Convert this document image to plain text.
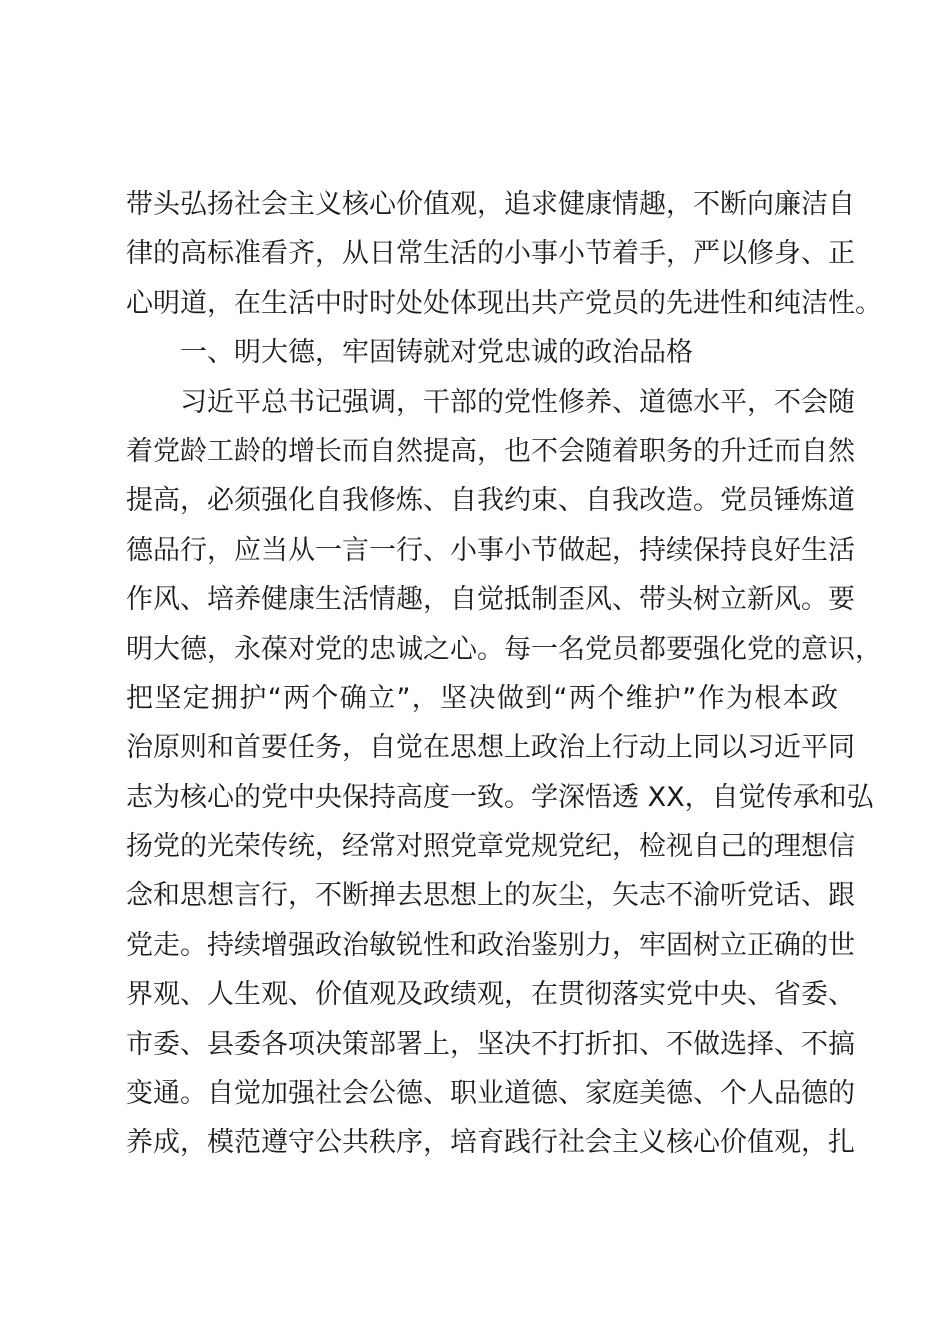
带头弘扬社会主义核心价值观，追求健康情趣，不断向廉洁自
律的高标准看齐，从日常生活的小事小节着手，严以修身、正
心明道，在生活中时时处处体现出共产党员的先进性和纯洁性。
一、明大德，牢固铸就对党忠诚的政治品格
习近平总书记强调，干部的党性修养、道德水平，不会随
着党龄工龄的增长而自然提高，也不会随着职务的升迁而自然
提高，必须强化自我修炼、自我约束、自我改造。党员锤炼道
德品行，应当从一言一行、小事小节做起，持续保持良好生活
作风、培养健康生活情趣，自觉抵制歪风、带头树立新风。要
明大德，永葆对党的忠诚之心。每一名党员都要强化党的意识，
把坚定拥护“两个确立”，坚决做到“两个维护”作为根本政
治原则和首要任务，自觉在思想上政治上行动上同以习近平同
志为核心的党中央保持高度一致。学深悟透 XX，自觉传承和弘
扬党的光荣传统，经常对照党章党规党纪，检视自己的理想信
念和思想言行，不断掸去思想上的灰尘，矢志不渝听党话、跟
党走。持续增强政治敏锐性和政治鉴别力，牢固树立正确的世
界观、人生观、价值观及政绩观，在贯彻落实党中央、省委、
市委、县委各项决策部署上，坚决不打折扣、不做选择、不搞
变通。自觉加强社会公德、职业道德、家庭美德、个人品德的
养成，模范遵守公共秩序，培育践行社会主义核心价值观，扎
